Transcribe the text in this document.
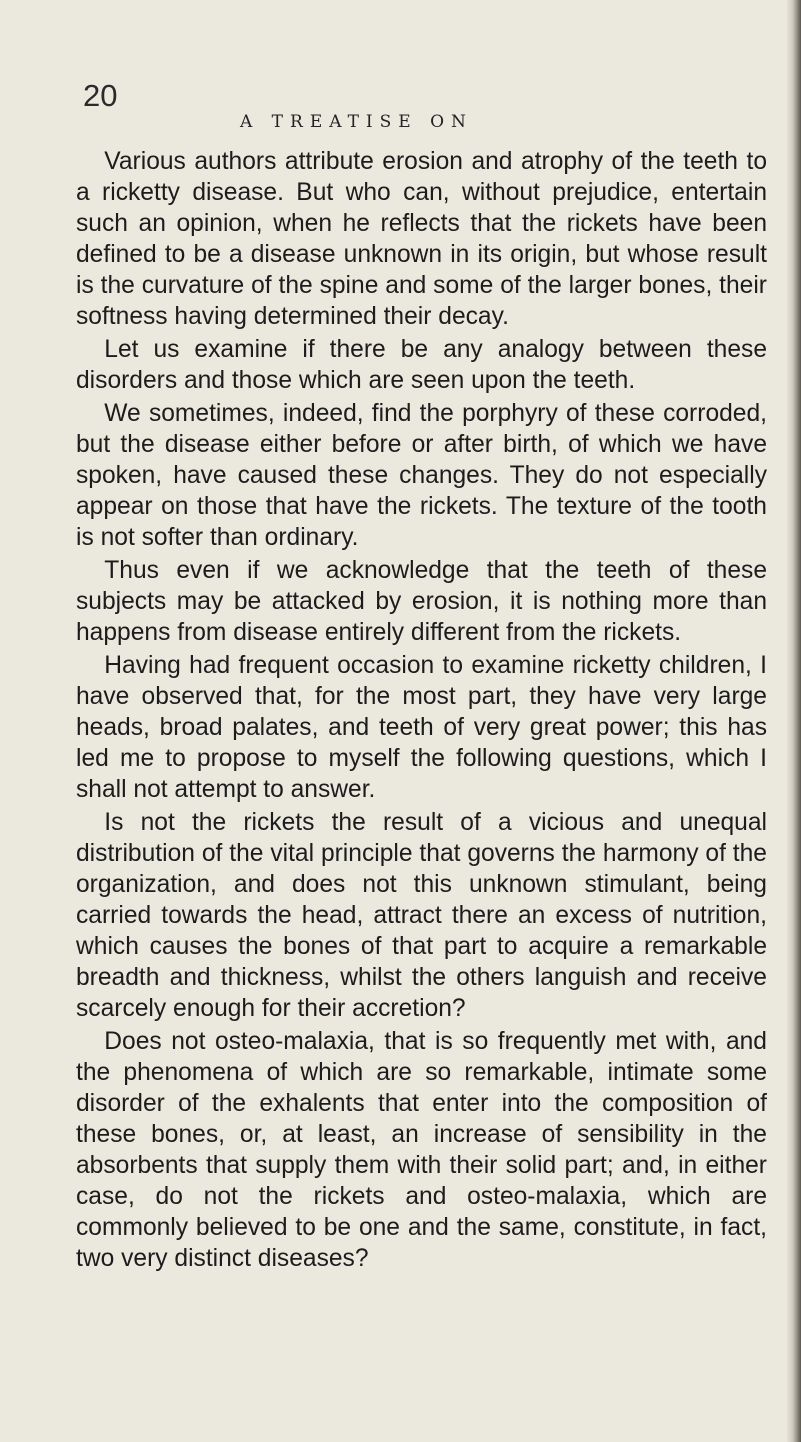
20
A TREATISE ON

Various authors attribute erosion and atrophy of the teeth to a ricketty disease. But who can, without prejudice, entertain such an opinion, when he reflects that the rickets have been defined to be a disease unknown in its origin, but whose result is the curvature of the spine and some of the larger bones, their softness having determined their decay.

Let us examine if there be any analogy between these disorders and those which are seen upon the teeth.

We sometimes, indeed, find the porphyry of these corroded, but the disease either before or after birth, of which we have spoken, have caused these changes. They do not especially appear on those that have the rickets. The texture of the tooth is not softer than ordinary.

Thus even if we acknowledge that the teeth of these subjects may be attacked by erosion, it is nothing more than happens from disease entirely different from the rickets.

Having had frequent occasion to examine ricketty children, I have observed that, for the most part, they have very large heads, broad palates, and teeth of very great power; this has led me to propose to myself the following questions, which I shall not attempt to answer.

Is not the rickets the result of a vicious and unequal distribution of the vital principle that governs the harmony of the organization, and does not this unknown stimulant, being carried towards the head, attract there an excess of nutrition, which causes the bones of that part to acquire a remarkable breadth and thickness, whilst the others languish and receive scarcely enough for their accretion?

Does not osteo-malaxia, that is so frequently met with, and the phenomena of which are so remarkable, intimate some disorder of the exhalents that enter into the composition of these bones, or, at least, an increase of sensibility in the absorbents that supply them with their solid part; and, in either case, do not the rickets and osteo-malaxia, which are commonly believed to be one and the same, constitute, in fact, two very distinct diseases?
